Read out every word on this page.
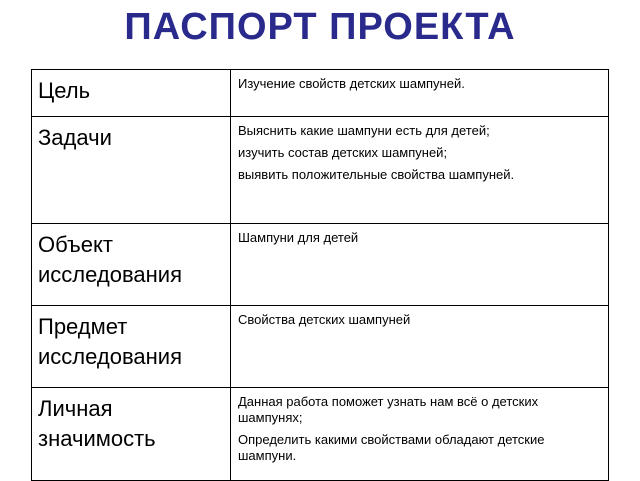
ПАСПОРТ ПРОЕКТА
Цель	Изучение свойств детских шампуней.

Задачи	Выяснить какие шампуни есть для детей;
изучить состав детских шампуней;
выявить положительные свойства шампуней.

Объект исследования	Шампуни для детей

Предмет исследования	Свойства детских шампуней

Личная значимость	Данная работа поможет узнать нам всё о детских шампунях;
Определить какими свойствами обладают детские шампуни.
